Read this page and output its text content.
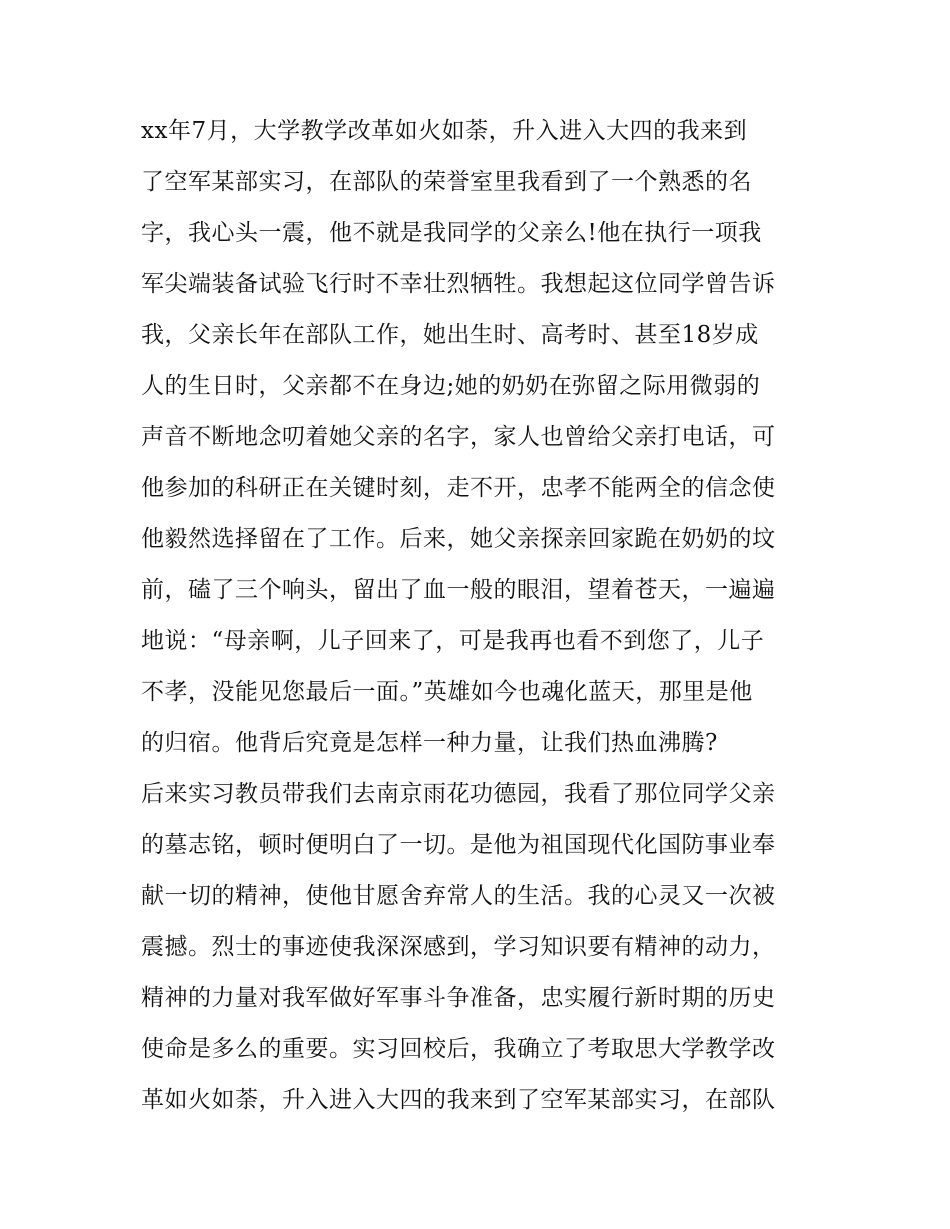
xx年7月，大学教学改革如火如荼，升入进入大四的我来到
了空军某部实习，在部队的荣誉室里我看到了一个熟悉的名
字，我心头一震，他不就是我同学的父亲么!他在执行一项我
军尖端装备试验飞行时不幸壮烈牺牲。我想起这位同学曾告诉
我，父亲长年在部队工作，她出生时、高考时、甚至18岁成
人的生日时，父亲都不在身边;她的奶奶在弥留之际用微弱的
声音不断地念叨着她父亲的名字，家人也曾给父亲打电话，可
他参加的科研正在关键时刻，走不开，忠孝不能两全的信念使
他毅然选择留在了工作。后来，她父亲探亲回家跪在奶奶的坟
前，磕了三个响头，留出了血一般的眼泪，望着苍天，一遍遍
地说：“母亲啊，儿子回来了，可是我再也看不到您了，儿子
不孝，没能见您最后一面。”英雄如今也魂化蓝天，那里是他
的归宿。他背后究竟是怎样一种力量，让我们热血沸腾?
后来实习教员带我们去南京雨花功德园，我看了那位同学父亲
的墓志铭，顿时便明白了一切。是他为祖国现代化国防事业奉
献一切的精神，使他甘愿舍弃常人的生活。我的心灵又一次被
震撼。烈士的事迹使我深深感到，学习知识要有精神的动力，
精神的力量对我军做好军事斗争准备，忠实履行新时期的历史
使命是多么的重要。实习回校后，我确立了考取思大学教学改
革如火如荼，升入进入大四的我来到了空军某部实习，在部队
